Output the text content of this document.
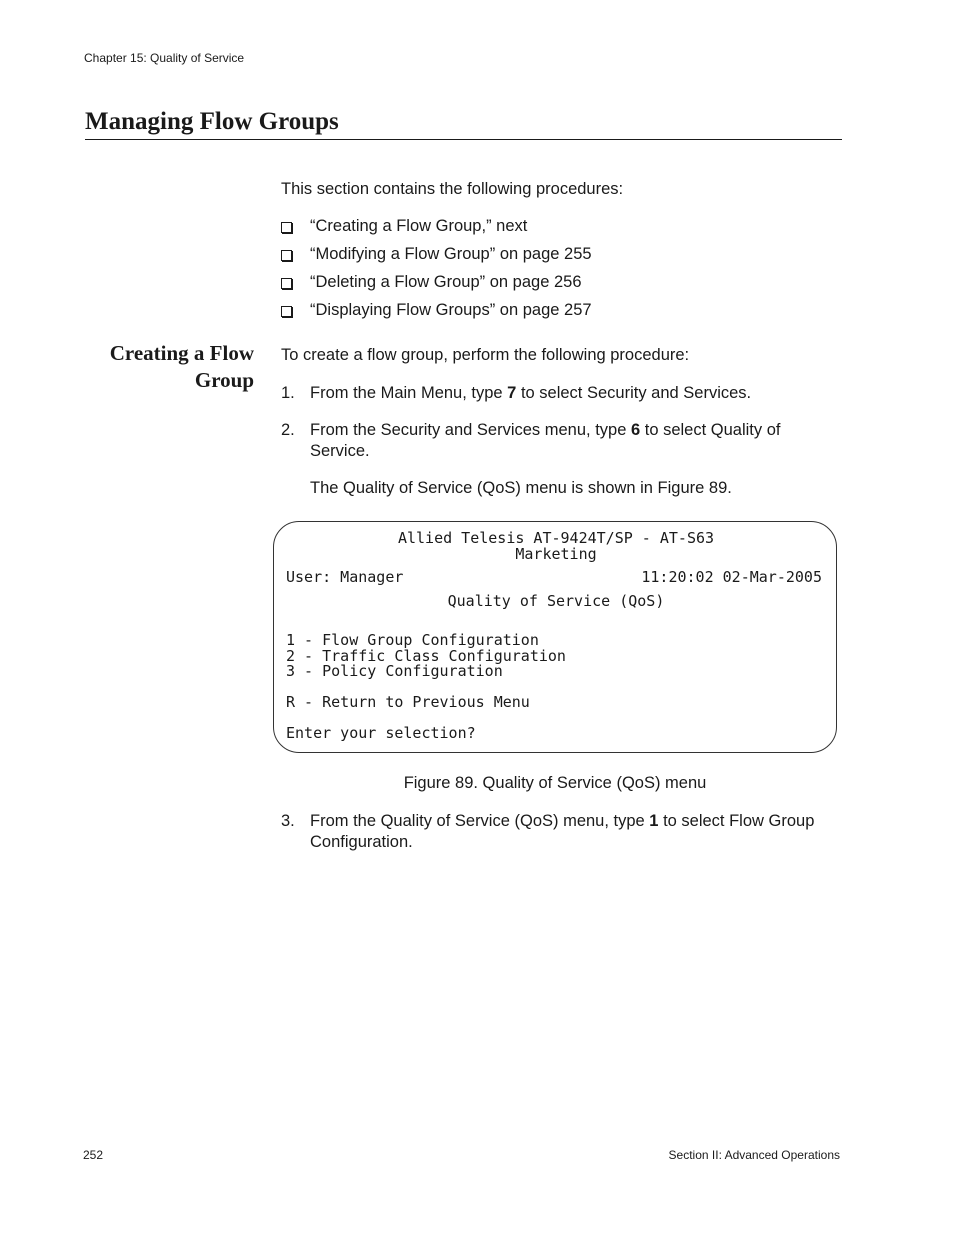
Chapter 15: Quality of Service
Managing Flow Groups
This section contains the following procedures:
“Creating a Flow Group,” next
“Modifying a Flow Group” on page 255
“Deleting a Flow Group” on page 256
“Displaying Flow Groups” on page 257
Creating a Flow
Group
To create a flow group, perform the following procedure:
1. From the Main Menu, type 7 to select Security and Services.
2. From the Security and Services menu, type 6 to select Quality of Service.
The Quality of Service (QoS) menu is shown in Figure 89.
Allied Telesis AT-9424T/SP - AT-S63
Marketing
User: Manager	11:20:02 02-Mar-2005
Quality of Service (QoS)
1 - Flow Group Configuration
2 - Traffic Class Configuration
3 - Policy Configuration
R - Return to Previous Menu
Enter your selection?
Figure 89. Quality of Service (QoS) menu
3. From the Quality of Service (QoS) menu, type 1 to select Flow Group Configuration.
252	Section II: Advanced Operations
